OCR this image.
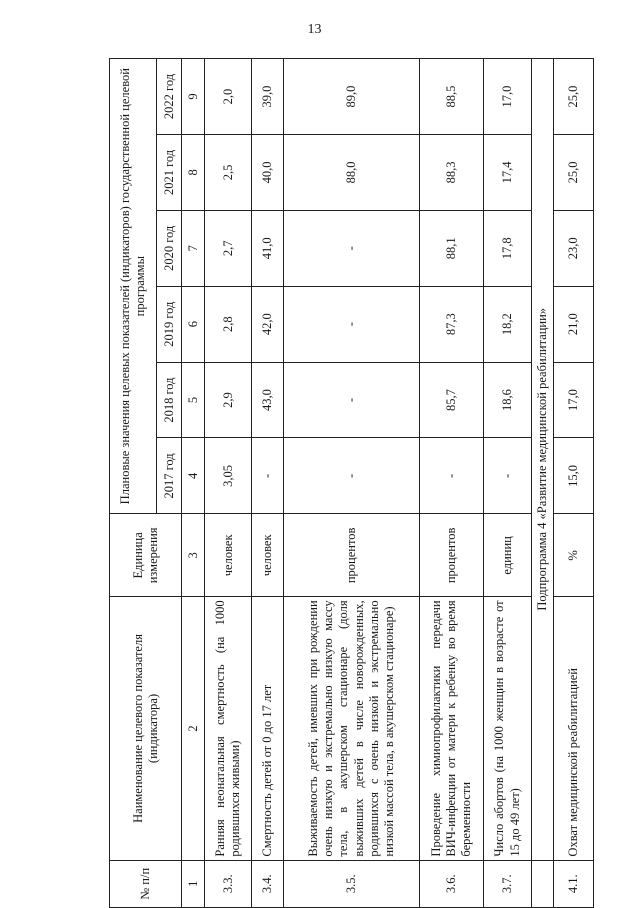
13
№ п/п	Наименование целевого показателя (индикатора)	Единица измерения	Плановые значения целевых показателей (индикаторов) государственной целевой программы					
			2017 год	2018 год	2019 год	2020 год	2021 год	2022 год
1	2	3	4	5	6	7	8	9
3.3.	Ранняя неонатальная смертность (на 1000 родившихся живыми)	человек	3,05	2,9	2,8	2,7	2,5	2,0
3.4.	Смертность детей от 0 до 17 лет	человек	-	43,0	42,0	41,0	40,0	39,0
3.5.	Выживаемость детей, имевших при рождении очень низкую и экстремально низкую массу тела, в акушерском стационаре (доля выживших детей в числе новорожденных, родившихся с очень низкой и экстремально низкой массой тела, в акушерском стационаре)	процентов	-	-	-	-	88,0	89,0
3.6.	Проведение химиопрофилактики передачи ВИЧ-инфекции от матери к ребенку во время беременности	процентов	-	85,7	87,3	88,1	88,3	88,5
3.7.	Число абортов (на 1000 женщин в возрасте от 15 до 49 лет)	единиц	-	18,6	18,2	17,8	17,4	17,0
	Подпрограмма 4 «Развитие медицинской реабилитации»							
4.1.	Охват медицинской реабилитацией	%	15,0	17,0	21,0	23,0	25,0	25,0
